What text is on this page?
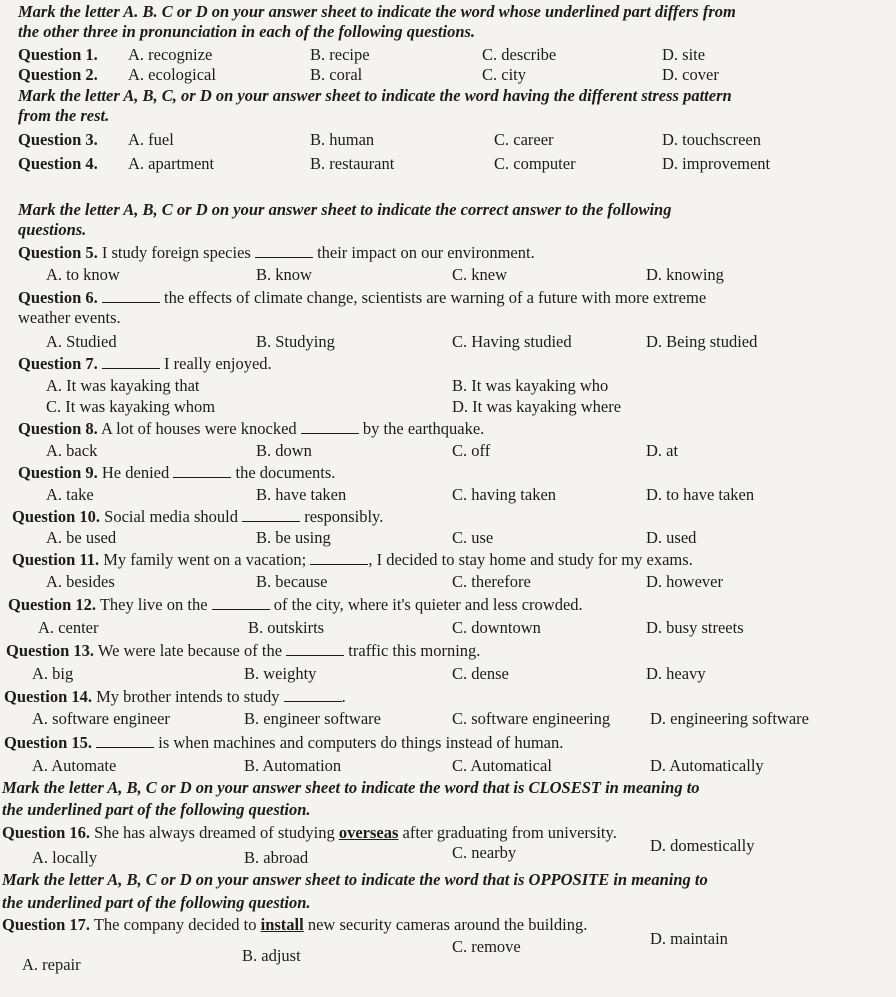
Mark the letter A. B. C or D on your answer sheet to indicate the word whose underlined part differs from
the other three in pronunciation in each of the following questions.
Question 1. A. recognize	B. recipe	C. describe	D. site
Question 2. A. ecological	B. coral	C. city	D. cover
Mark the letter A, B, C, or D on your answer sheet to indicate the word having the different stress pattern
from the rest.
Question 3. A. fuel	B. human	C. career	D. touchscreen
Question 4. A. apartment	B. restaurant	C. computer	D. improvement
Mark the letter A, B, C or D on your answer sheet to indicate the correct answer to the following
questions.
Question 5. I study foreign species	their impact on our environment.
A. to know	B. know	C. knew	D. knowing
Question 6.	the effects of climate change, scientists are warning of a future with more extreme
weather events.
A. Studied	B. Studying	C. Having studied	D. Being studied
Question 7.	I really enjoyed.
A. It was kayaking that	B. It was kayaking who
C. It was kayaking whom	D. It was kayaking where
Question 8. A lot of houses were knocked	by the earthquake.
A. back	B. down	C. off	D. at
Question 9. He denied	the documents.
A. take	B. have taken	C. having taken	D. to have taken
Question 10. Social media should	responsibly.
A. be used	B. be using	C. use	D. used
Question 11. My family went on a vacation;	, I decided to stay home and study for my exams.
A. besides	B. because	C. therefore	D. however
Question 12. They live on the	of the city, where it's quieter and less crowded.
A. center	B. outskirts	C. downtown	D. busy streets
Question 13. We were late because of the	traffic this morning.
A. big	B. weighty	C. dense	D. heavy
Question 14. My brother intends to study	.
A. software engineer	B. engineer software	C. software engineering D. engineering software
Question 15.	is when machines and computers do things instead of human.
A. Automate	B. Automation	C. Automatical	D. Automatically
Mark the letter A, B, C or D on your answer sheet to indicate the word that is CLOSEST in meaning to
the underlined part of the following question.
Question 16. She has always dreamed of studying overseas after graduating from university.
A. locally	B. abroad	C. nearby	D. domestically
Mark the letter A, B, C or D on your answer sheet to indicate the word that is OPPOSITE in meaning to
the underlined part of the following question.
Question 17. The company decided to install new security cameras around the building.
A. repair	B. adjust	C. remove	D. maintain
